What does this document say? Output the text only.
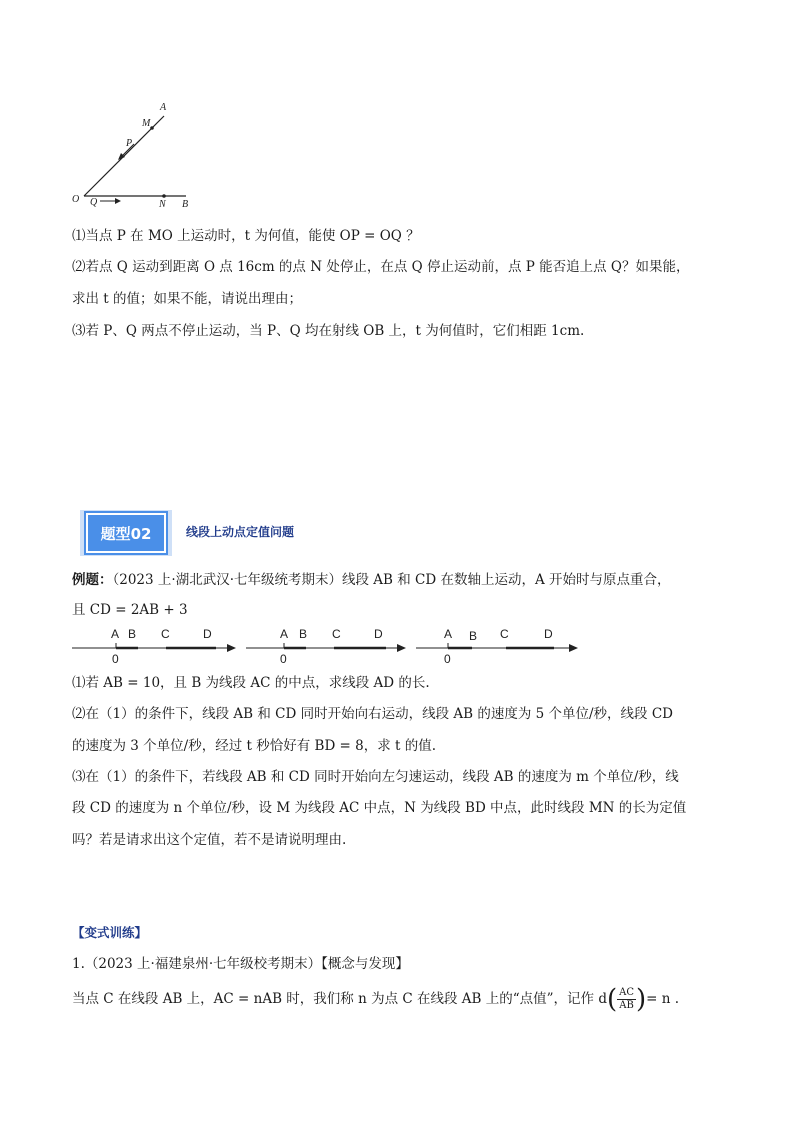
A
M
P
O Q	N B
⑴当点 P 在 MO 上运动时，t 为何值，能使 OP = OQ ？
⑵若点 Q 运动到距离 O 点 16cm 的点 N 处停止，在点 Q 停止运动前，点 P 能否追上点 Q？如果能，
求出 t 的值；如果不能，请说出理由；
⑶若 P、Q 两点不停止运动，当 P、Q 均在射线 OB 上，t 为何值时，它们相距 1cm.
题型02	线段上动点定值问题
例题：（2023 上·湖北武汉·七年级统考期末）线段 AB 和 CD 在数轴上运动，A 开始时与原点重合，
且 CD = 2AB + 3
A B C	D
0
A B C	D
0
A B C	D
0
⑴若 AB = 10，且 B 为线段 AC 的中点，求线段 AD 的长.
⑵在（1）的条件下，线段 AB 和 CD 同时开始向右运动，线段 AB 的速度为 5 个单位/秒，线段 CD
的速度为 3 个单位/秒，经过 t 秒恰好有 BD = 8，求 t 的值.
⑶在（1）的条件下，若线段 AB 和 CD 同时开始向左匀速运动，线段 AB 的速度为 m 个单位/秒，线
段 CD 的速度为 n 个单位/秒，设 M 为线段 AC 中点，N 为线段 BD 中点，此时线段 MN 的长为定值
吗？若是请求出这个定值，若不是请说明理由.
【变式训练】
1.（2023 上·福建泉州·七年级校考期末）【概念与发现】
当点 C 在线段 AB 上，AC = nAB 时，我们称 n 为点 C 在线段 AB 上的“点值”，记作 $d( \frac{AC}{AB}$ )= n .
